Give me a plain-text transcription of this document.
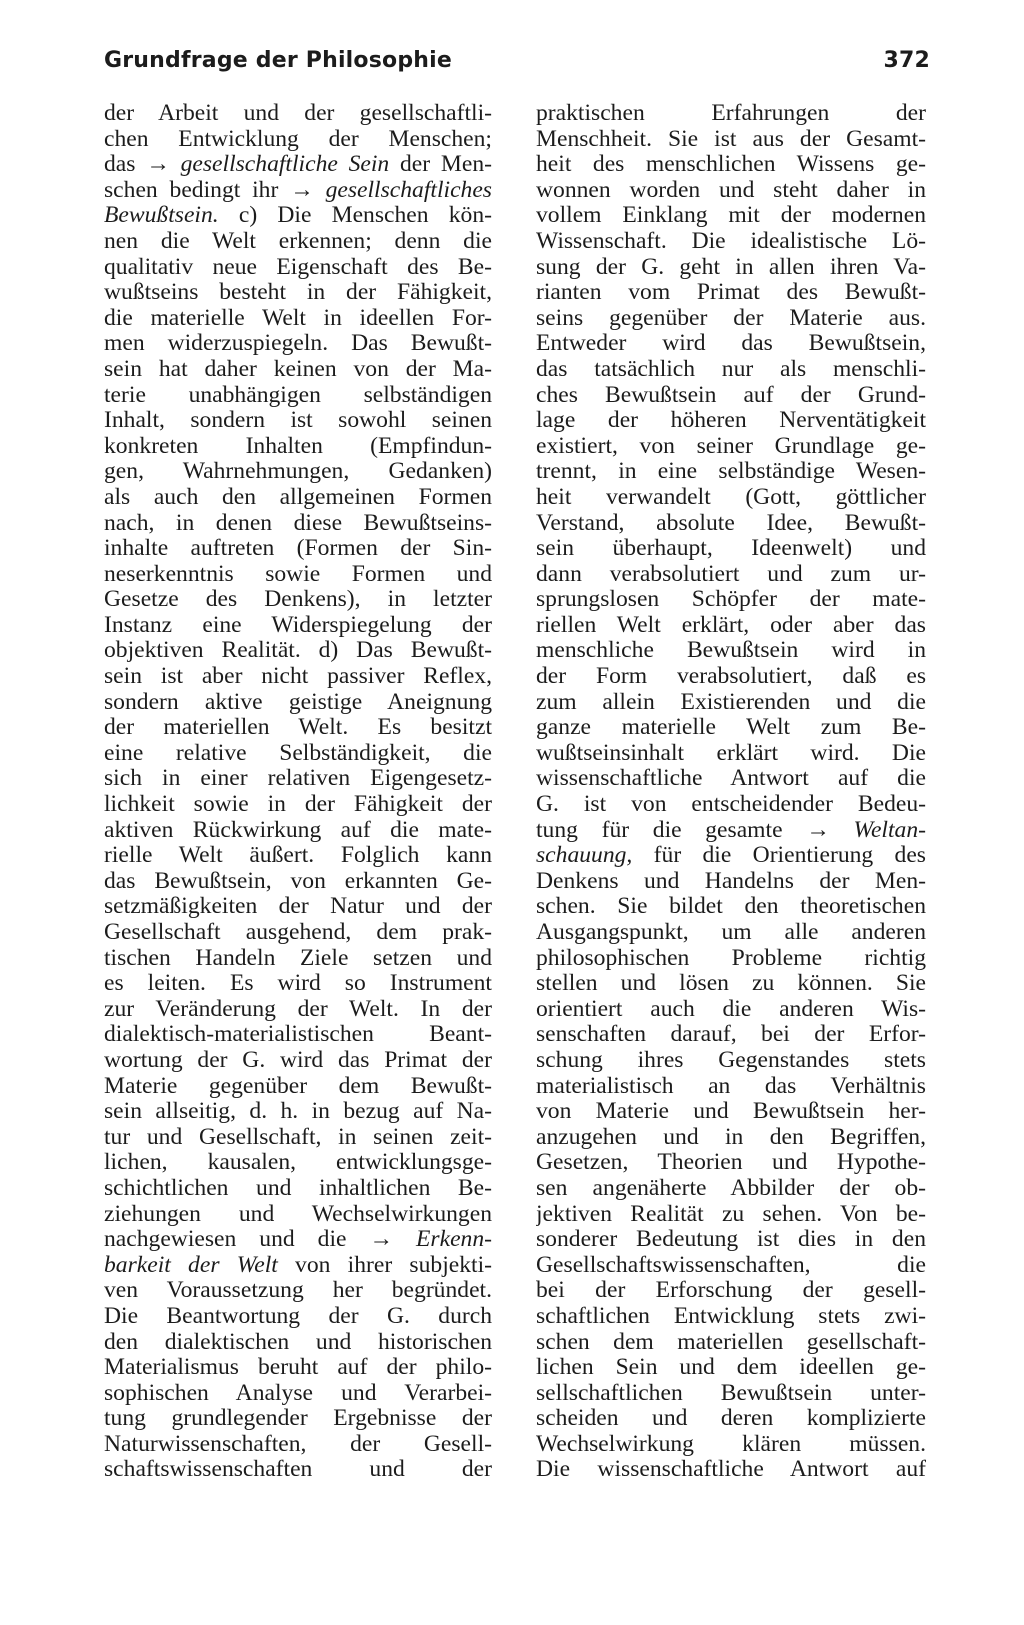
Grundfrage der Philosophie	372
der Arbeit und der gesellschaftli-
chen Entwicklung der Menschen;
das → gesellschaftliche Sein der Men-
schen bedingt ihr → gesellschaftliches
Bewußtsein. c) Die Menschen kön-
nen die Welt erkennen; denn die
qualitativ neue Eigenschaft des Be-
wußtseins besteht in der Fähigkeit,
die materielle Welt in ideellen For-
men widerzuspiegeln. Das Bewußt-
sein hat daher keinen von der Ma-
terie unabhängigen selbständigen
Inhalt, sondern ist sowohl seinen
konkreten Inhalten (Empfindun-
gen, Wahrnehmungen, Gedanken)
als auch den allgemeinen Formen
nach, in denen diese Bewußtseins-
inhalte auftreten (Formen der Sin-
neserkenntnis sowie Formen und
Gesetze des Denkens), in letzter
Instanz eine Widerspiegelung der
objektiven Realität. d) Das Bewußt-
sein ist aber nicht passiver Reflex,
sondern aktive geistige Aneignung
der materiellen Welt. Es besitzt
eine relative Selbständigkeit, die
sich in einer relativen Eigengesetz-
lichkeit sowie in der Fähigkeit der
aktiven Rückwirkung auf die mate-
rielle Welt äußert. Folglich kann
das Bewußtsein, von erkannten Ge-
setzmäßigkeiten der Natur und der
Gesellschaft ausgehend, dem prak-
tischen Handeln Ziele setzen und
es leiten. Es wird so Instrument
zur Veränderung der Welt. In der
dialektisch-materialistischen Beant-
wortung der G. wird das Primat der
Materie gegenüber dem Bewußt-
sein allseitig, d. h. in bezug auf Na-
tur und Gesellschaft, in seinen zeit-
lichen, kausalen, entwicklungsge-
schichtlichen und inhaltlichen Be-
ziehungen und Wechselwirkungen
nachgewiesen und die → Erkenn-
barkeit der Welt von ihrer subjekti-
ven Voraussetzung her begründet.
Die Beantwortung der G. durch
den dialektischen und historischen
Materialismus beruht auf der philo-
sophischen Analyse und Verarbei-
tung grundlegender Ergebnisse der
Naturwissenschaften, der Gesell-
schaftswissenschaften und der
praktischen Erfahrungen der
Menschheit. Sie ist aus der Gesamt-
heit des menschlichen Wissens ge-
wonnen worden und steht daher in
vollem Einklang mit der modernen
Wissenschaft. Die idealistische Lö-
sung der G. geht in allen ihren Va-
rianten vom Primat des Bewußt-
seins gegenüber der Materie aus.
Entweder wird das Bewußtsein,
das tatsächlich nur als menschli-
ches Bewußtsein auf der Grund-
lage der höheren Nerventätigkeit
existiert, von seiner Grundlage ge-
trennt, in eine selbständige Wesen-
heit verwandelt (Gott, göttlicher
Verstand, absolute Idee, Bewußt-
sein überhaupt, Ideenwelt) und
dann verabsolutiert und zum ur-
sprungslosen Schöpfer der mate-
riellen Welt erklärt, oder aber das
menschliche Bewußtsein wird in
der Form verabsolutiert, daß es
zum allein Existierenden und die
ganze materielle Welt zum Be-
wußtseinsinhalt erklärt wird. Die
wissenschaftliche Antwort auf die
G. ist von entscheidender Bedeu-
tung für die gesamte → Weltan-
schauung, für die Orientierung des
Denkens und Handelns der Men-
schen. Sie bildet den theoretischen
Ausgangspunkt, um alle anderen
philosophischen Probleme richtig
stellen und lösen zu können. Sie
orientiert auch die anderen Wis-
senschaften darauf, bei der Erfor-
schung ihres Gegenstandes stets
materialistisch an das Verhältnis
von Materie und Bewußtsein her-
anzugehen und in den Begriffen,
Gesetzen, Theorien und Hypothe-
sen angenäherte Abbilder der ob-
jektiven Realität zu sehen. Von be-
sonderer Bedeutung ist dies in den
Gesellschaftswissenschaften, die
bei der Erforschung der gesell-
schaftlichen Entwicklung stets zwi-
schen dem materiellen gesellschaft-
lichen Sein und dem ideellen ge-
sellschaftlichen Bewußtsein unter-
scheiden und deren komplizierte
Wechselwirkung klären müssen.
Die wissenschaftliche Antwort auf
